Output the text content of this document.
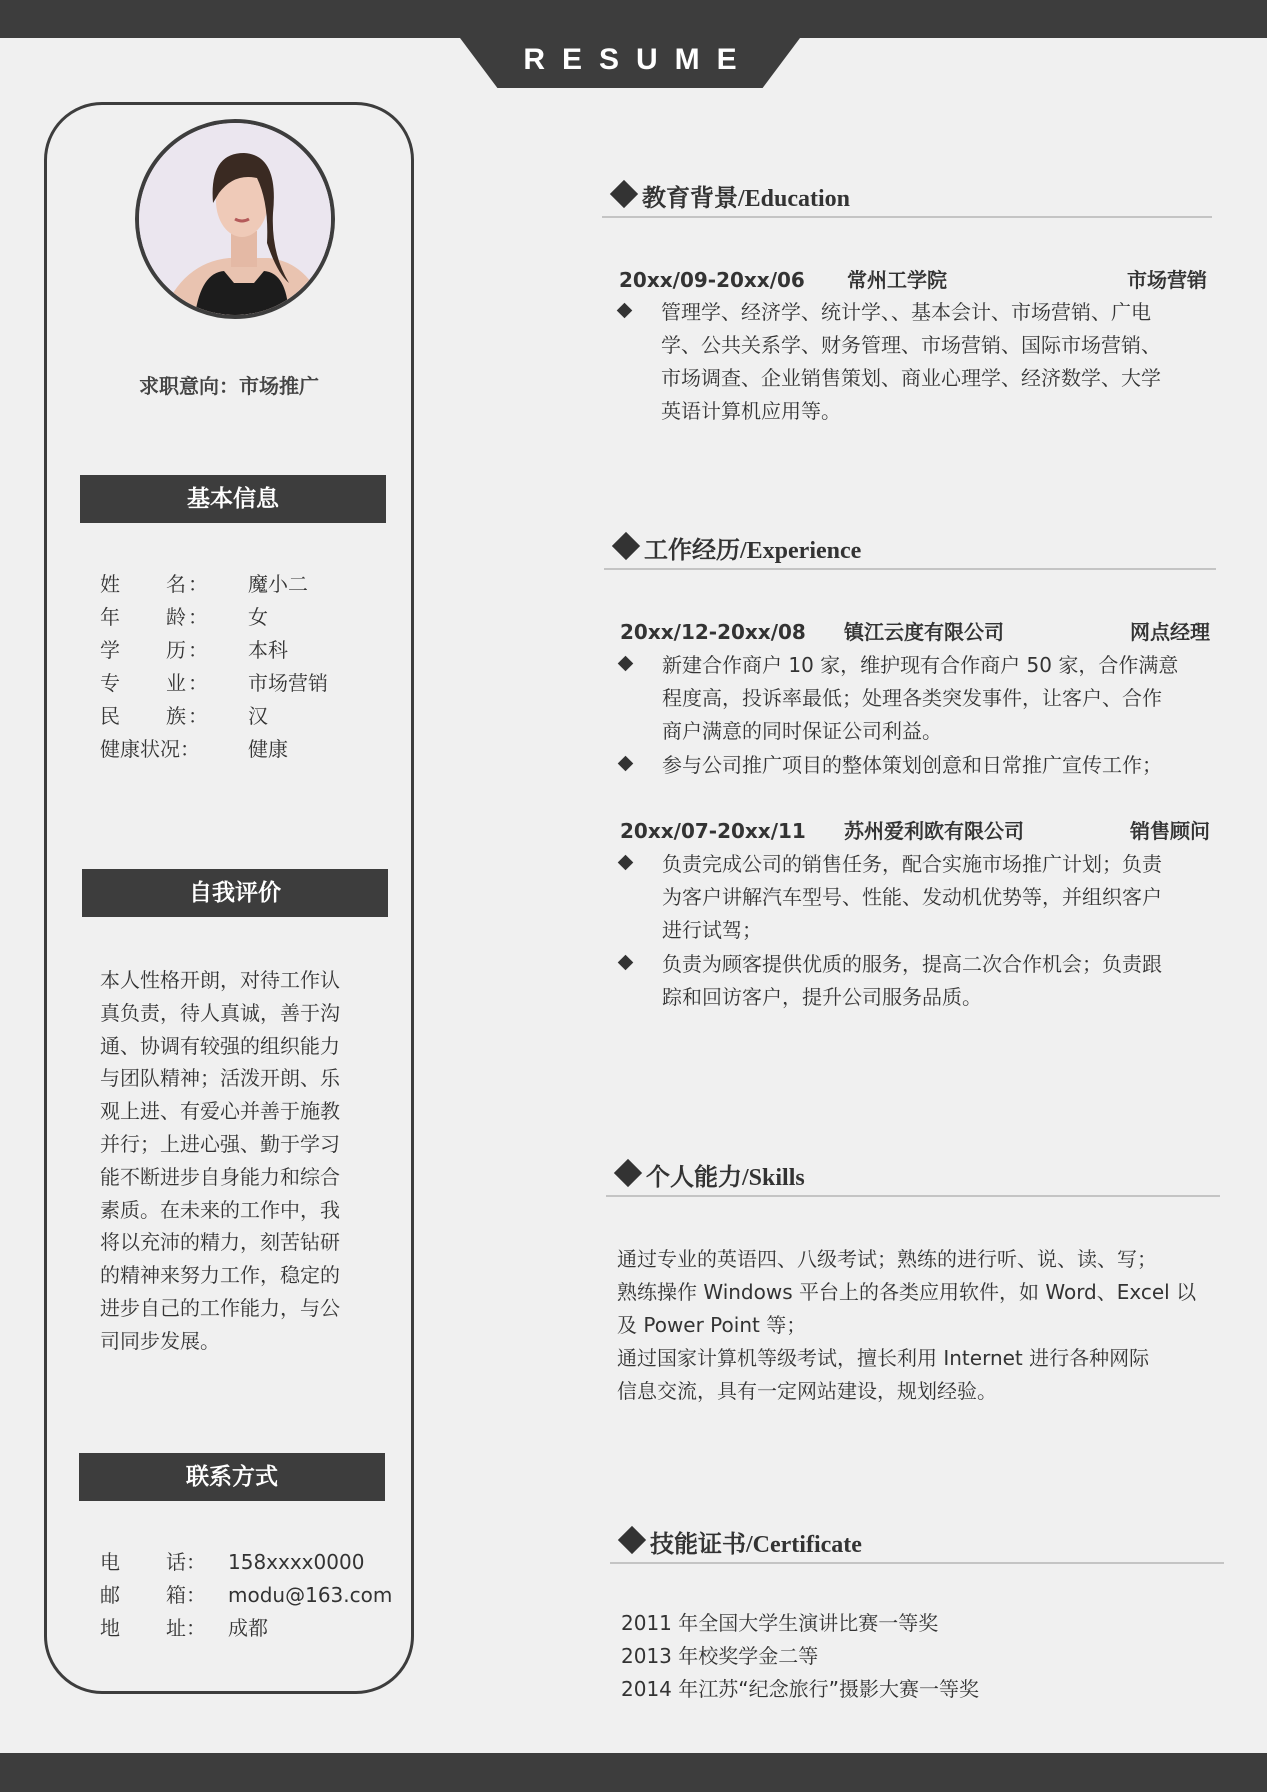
RESUME
求职意向：市场推广
基本信息
姓 名 ： 魔小二
年 龄 ： 女
学 历 ： 本科
专 业 ： 市场营销
民 族 ： 汉
健康状况： 健康
自我评价
本人性格开朗，对待工作认
真负责，待人真诚，善于沟
通、协调有较强的组织能力
与团队精神；活泼开朗、乐
观上进、有爱心并善于施教
并行；上进心强、勤于学习
能不断进步自身能力和综合
素质。在未来的工作中，我
将以充沛的精力，刻苦钻研
的精神来努力工作，稳定的
进步自己的工作能力，与公
司同步发展。
联系方式
电 话 ： 158xxxx0000
邮 箱 ： modu@163.com
地 址 ： 成都
教育背景/Education
20xx/09-20xx/06 常州工学院	市场营销
管理学、经济学、统计学、、基本会计、市场营销、广电
学、公共关系学、财务管理、市场营销、国际市场营销、
市场调查、企业销售策划、商业心理学、经济数学、大学
英语计算机应用等。
工作经历/Experience
20xx/12-20xx/08 镇江云度有限公司	网点经理
新建合作商户 10 家，维护现有合作商户 50 家，合作满意
程度高，投诉率最低；处理各类突发事件，让客户、合作
商户满意的同时保证公司利益。
参与公司推广项目的整体策划创意和日常推广宣传工作；
20xx/07-20xx/11 苏州爱利欧有限公司	销售顾问
负责完成公司的销售任务，配合实施市场推广计划；负责
为客户讲解汽车型号、性能、发动机优势等，并组织客户
进行试驾；
负责为顾客提供优质的服务，提高二次合作机会；负责跟
踪和回访客户，提升公司服务品质。
个人能力/Skills
通过专业的英语四、八级考试；熟练的进行听、说、读、写；
熟练操作 Windows 平台上的各类应用软件，如 Word、Excel 以
及 Power Point 等；
通过国家计算机等级考试，擅长利用 Internet 进行各种网际
信息交流，具有一定网站建设，规划经验。
技能证书/Certificate
2011 年全国大学生演讲比赛一等奖
2013 年校奖学金二等
2014 年江苏“纪念旅行”摄影大赛一等奖
